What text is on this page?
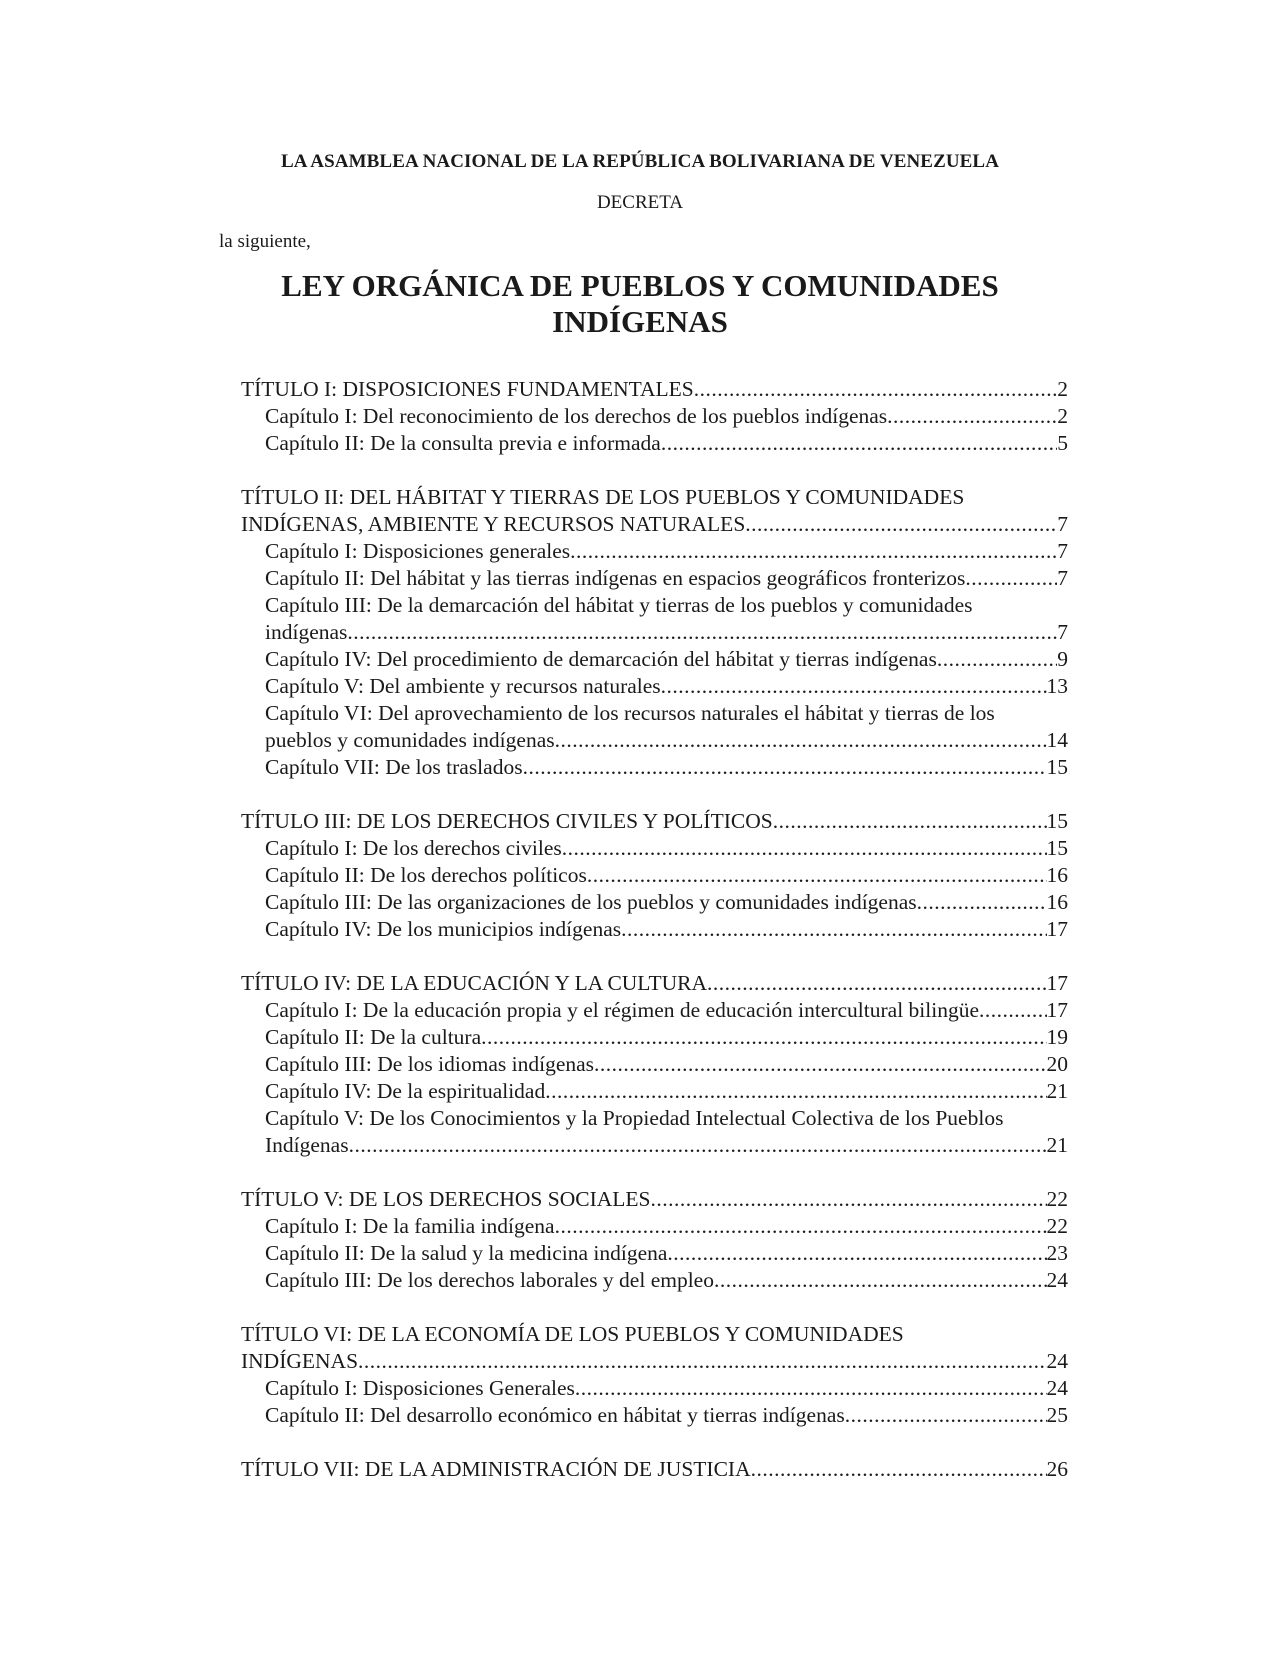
LA ASAMBLEA NACIONAL DE LA REPÚBLICA BOLIVARIANA DE VENEZUELA
DECRETA
la siguiente,
LEY ORGÁNICA DE PUEBLOS Y COMUNIDADES
INDÍGENAS
TÍTULO I: DISPOSICIONES FUNDAMENTALES .....	2
Capítulo I: Del reconocimiento de los derechos de los pueblos indígenas .....	2
Capítulo II: De la consulta previa e informada .....	5
TÍTULO II: DEL HÁBITAT Y TIERRAS DE LOS PUEBLOS Y COMUNIDADES
INDÍGENAS, AMBIENTE Y RECURSOS NATURALES .....	7
Capítulo I: Disposiciones generales .....	7
Capítulo II: Del hábitat y las tierras indígenas en espacios geográficos fronterizos .....	7
Capítulo III: De la demarcación del hábitat y tierras de los pueblos y comunidades
indígenas .....	7
Capítulo IV: Del procedimiento de demarcación del hábitat y tierras indígenas .....	9
Capítulo V: Del ambiente y recursos naturales .....	13
Capítulo VI: Del aprovechamiento de los recursos naturales el hábitat y tierras de los
pueblos y comunidades indígenas .....	14
Capítulo VII: De los traslados .....	15
TÍTULO III: DE LOS DERECHOS CIVILES Y POLÍTICOS .....	15
Capítulo I: De los derechos civiles .....	15
Capítulo II: De los derechos políticos .....	16
Capítulo III: De las organizaciones de los pueblos y comunidades indígenas .....	16
Capítulo IV: De los municipios indígenas .....	17
TÍTULO IV: DE LA EDUCACIÓN Y LA CULTURA .....	17
Capítulo I: De la educación propia y el régimen de educación intercultural bilingüe .....	17
Capítulo II: De la cultura .....	19
Capítulo III: De los idiomas indígenas .....	20
Capítulo IV: De la espiritualidad .....	21
Capítulo V: De los Conocimientos y la Propiedad Intelectual Colectiva de los Pueblos
Indígenas .....	21
TÍTULO V: DE LOS DERECHOS SOCIALES .....	22
Capítulo I: De la familia indígena .....	22
Capítulo II: De la salud y la medicina indígena .....	23
Capítulo III: De los derechos laborales y del empleo .....	24
TÍTULO VI: DE LA ECONOMÍA DE LOS PUEBLOS Y COMUNIDADES
INDÍGENAS .....	24
Capítulo I: Disposiciones Generales .....	24
Capítulo II: Del desarrollo económico en hábitat y tierras indígenas .....	25
TÍTULO VII: DE LA ADMINISTRACIÓN DE JUSTICIA .....	26
